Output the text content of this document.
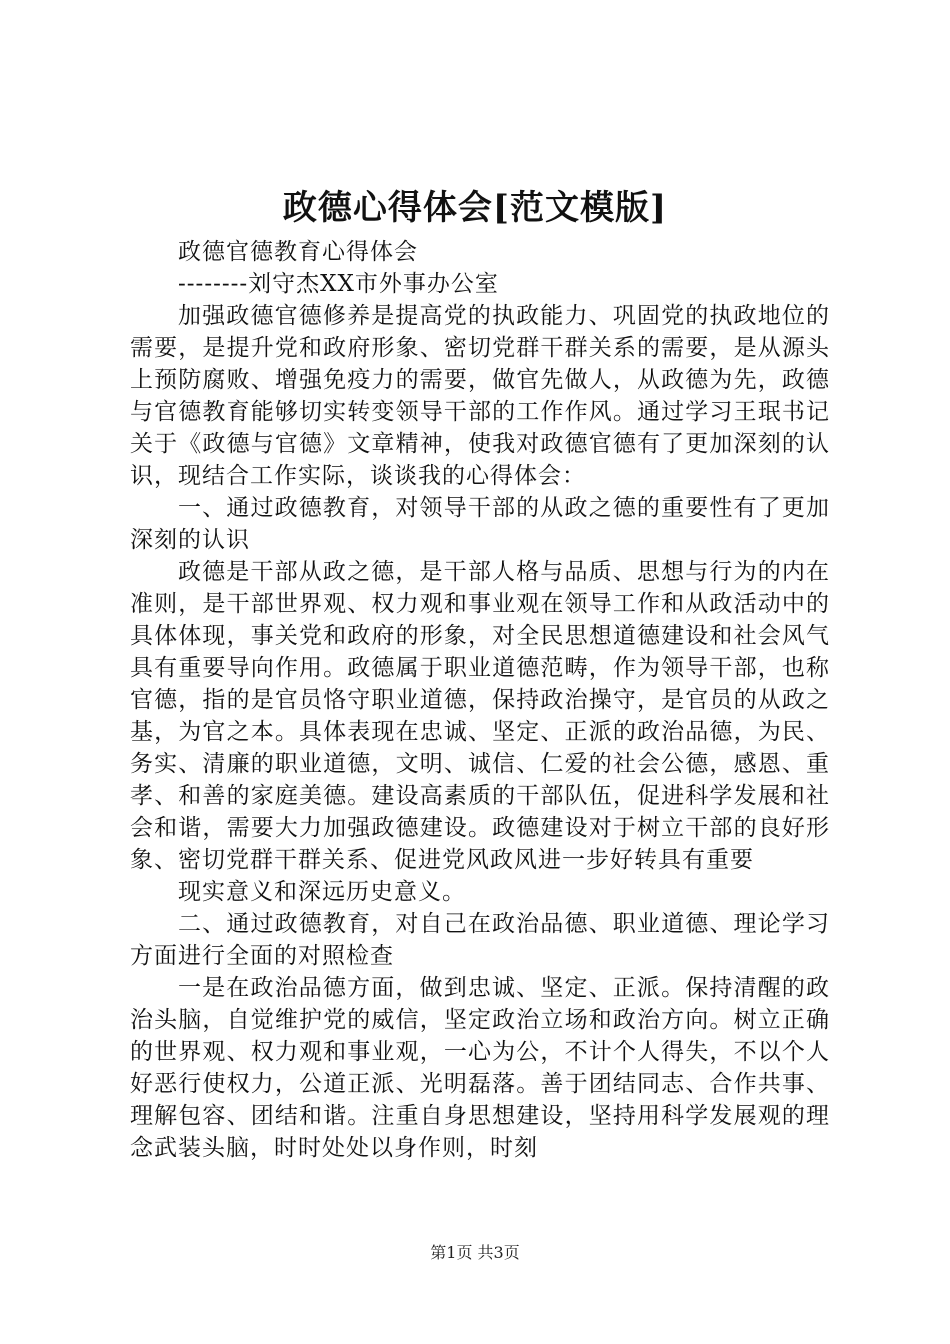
政德心得体会[范文模版]

政德官德教育心得体会

--------刘守杰XX市外事办公室

加强政德官德修养是提高党的执政能力、巩固党的执政地位的需要，是提升党和政府形象、密切党群干群关系的需要，是从源头上预防腐败、增强免疫力的需要，做官先做人，从政德为先，政德与官德教育能够切实转变领导干部的工作作风。通过学习王珉书记关于《政德与官德》文章精神，使我对政德官德有了更加深刻的认识，现结合工作实际，谈谈我的心得体会：

一、通过政德教育，对领导干部的从政之德的重要性有了更加深刻的认识

政德是干部从政之德，是干部人格与品质、思想与行为的内在准则，是干部世界观、权力观和事业观在领导工作和从政活动中的具体体现，事关党和政府的形象，对全民思想道德建设和社会风气具有重要导向作用。政德属于职业道德范畴，作为领导干部，也称官德，指的是官员恪守职业道德，保持政治操守，是官员的从政之基，为官之本。具体表现在忠诚、坚定、正派的政治品德，为民、务实、清廉的职业道德，文明、诚信、仁爱的社会公德，感恩、重孝、和善的家庭美德。建设高素质的干部队伍，促进科学发展和社会和谐，需要大力加强政德建设。政德建设对于树立干部的良好形象、密切党群干群关系、促进党风政风进一步好转具有重要

现实意义和深远历史意义。

二、通过政德教育，对自己在政治品德、职业道德、理论学习方面进行全面的对照检查

一是在政治品德方面，做到忠诚、坚定、正派。保持清醒的政治头脑，自觉维护党的威信，坚定政治立场和政治方向。树立正确的世界观、权力观和事业观，一心为公，不计个人得失，不以个人好恶行使权力，公道正派、光明磊落。善于团结同志、合作共事、理解包容、团结和谐。注重自身思想建设，坚持用科学发展观的理念武装头脑，时时处处以身作则，时刻

第1页 共3页
